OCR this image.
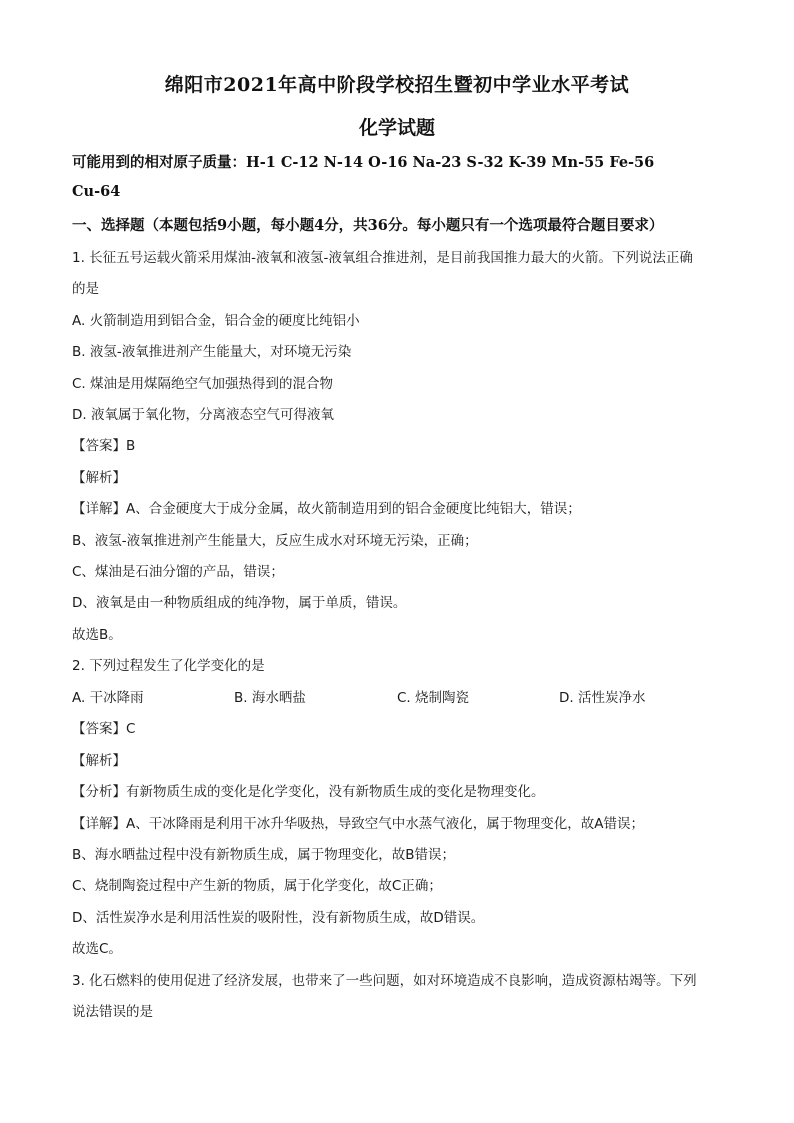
绵阳市2021年高中阶段学校招生暨初中学业水平考试
化学试题
可能用到的相对原子质量：H-1 C-12 N-14 O-16 Na-23 S-32 K-39 Mn-55 Fe-56
Cu-64
一、选择题（本题包括9小题，每小题4分，共36分。每小题只有一个选项最符合题目要求）
1. 长征五号运载火箭采用煤油-液氧和液氢-液氧组合推进剂，是目前我国推力最大的火箭。下列说法正确
的是
A. 火箭制造用到铝合金，铝合金的硬度比纯铝小
B. 液氢-液氧推进剂产生能量大，对环境无污染
C. 煤油是用煤隔绝空气加强热得到的混合物
D. 液氧属于氧化物，分离液态空气可得液氧
【答案】B
【解析】
【详解】A、合金硬度大于成分金属，故火箭制造用到的铝合金硬度比纯铝大，错误；
B、液氢-液氧推进剂产生能量大，反应生成水对环境无污染，正确；
C、煤油是石油分馏的产品，错误；
D、液氧是由一种物质组成的纯净物，属于单质，错误。
故选B。
2. 下列过程发生了化学变化的是
A. 干冰降雨	B. 海水晒盐	C. 烧制陶瓷	D. 活性炭净水
【答案】C
【解析】
【分析】有新物质生成的变化是化学变化，没有新物质生成的变化是物理变化。
【详解】A、干冰降雨是利用干冰升华吸热，导致空气中水蒸气液化，属于物理变化，故A错误；
B、海水晒盐过程中没有新物质生成，属于物理变化，故B错误；
C、烧制陶瓷过程中产生新的物质，属于化学变化，故C正确；
D、活性炭净水是利用活性炭的吸附性，没有新物质生成，故D错误。
故选C。
3. 化石燃料的使用促进了经济发展，也带来了一些问题，如对环境造成不良影响，造成资源枯竭等。下列
说法错误的是
